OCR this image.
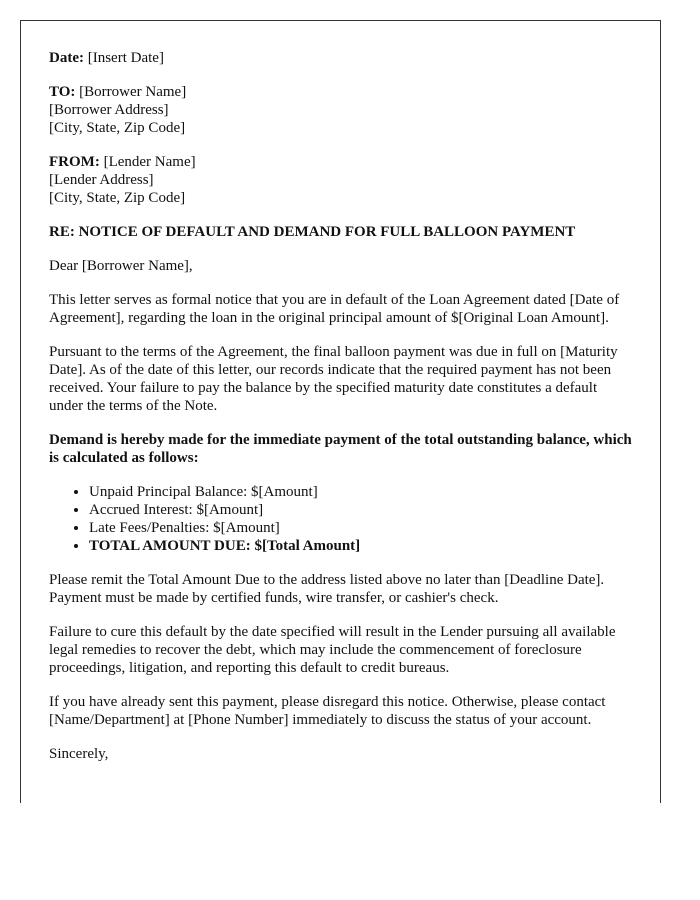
Date: [Insert Date]

TO: [Borrower Name]
[Borrower Address]
[City, State, Zip Code]

FROM: [Lender Name]
[Lender Address]
[City, State, Zip Code]

RE: NOTICE OF DEFAULT AND DEMAND FOR FULL BALLOON PAYMENT

Dear [Borrower Name],

This letter serves as formal notice that you are in default of the Loan Agreement dated [Date of Agreement], regarding the loan in the original principal amount of $[Original Loan Amount].

Pursuant to the terms of the Agreement, the final balloon payment was due in full on [Maturity Date]. As of the date of this letter, our records indicate that the required payment has not been received. Your failure to pay the balance by the specified maturity date constitutes a default under the terms of the Note.

Demand is hereby made for the immediate payment of the total outstanding balance, which is calculated as follows:

• Unpaid Principal Balance: $[Amount]
• Accrued Interest: $[Amount]
• Late Fees/Penalties: $[Amount]
• TOTAL AMOUNT DUE: $[Total Amount]

Please remit the Total Amount Due to the address listed above no later than [Deadline Date]. Payment must be made by certified funds, wire transfer, or cashier's check.

Failure to cure this default by the date specified will result in the Lender pursuing all available legal remedies to recover the debt, which may include the commencement of foreclosure proceedings, litigation, and reporting this default to credit bureaus.

If you have already sent this payment, please disregard this notice. Otherwise, please contact [Name/Department] at [Phone Number] immediately to discuss the status of your account.

Sincerely,
